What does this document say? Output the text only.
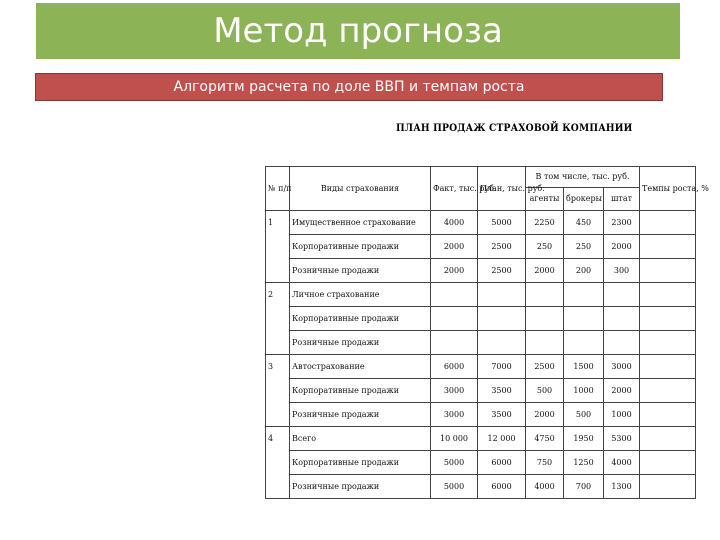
Метод прогноза
Алгоритм расчета по доле ВВП и темпам роста
ПЛАН ПРОДАЖ СТРАХОВОЙ КОМПАНИИ
№ п/п	Виды страхования	Факт, тыс. руб.	План, тыс. руб.	В том числе, тыс. руб.			Темпы роста, %
				агенты	брокеры	штат	
1	Имущественное страхование	4000	5000	2250	450	2300	
	Корпоративные продажи	2000	2500	250	250	2000	
	Розничные продажи	2000	2500	2000	200	300	
2	Личное страхование						
	Корпоративные продажи						
	Розничные продажи						
3	Автострахование	6000	7000	2500	1500	3000	
	Корпоративные продажи	3000	3500	500	1000	2000	
	Розничные продажи	3000	3500	2000	500	1000	
4	Всего	10 000	12 000	4750	1950	5300	
	Корпоративные продажи	5000	6000	750	1250	4000	
	Розничные продажи	5000	6000	4000	700	1300	
